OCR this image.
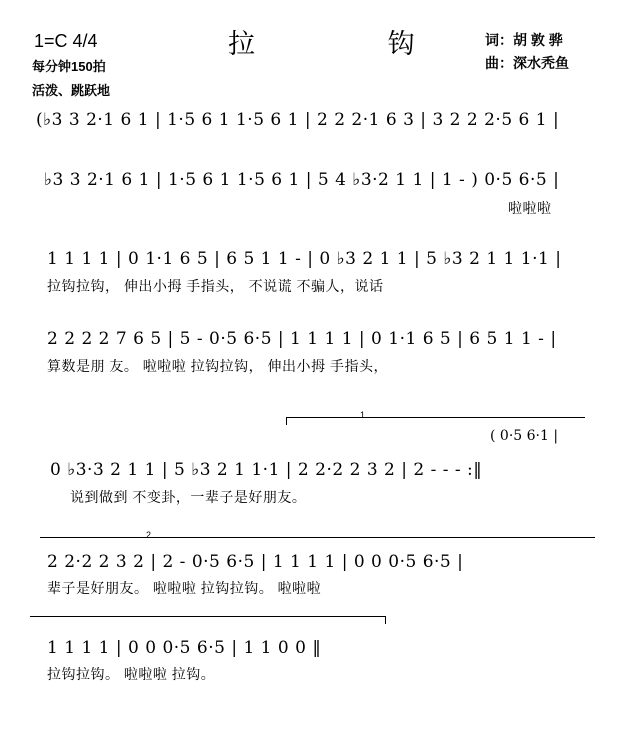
1=C 4/4	拉 钩 词：胡 敦 骅
曲：深水秃鱼
每分钟150拍
活泼、跳跃地
(♭3 3 2·1 6 1 | 1·5 6 1 1·5 6 1 | 2 2 2·1 6 3 | 3 2 2 2·5 6 1 |
♭3 3 2·1 6 1 | 1·5 6 1 1·5 6 1 | 5 4 ♭3·2 1 1 | 1 - ) 0·5 6·5 |
啦啦啦
1 1 1 1 | 0 1·1 6 5 | 6 5 1 1 - | 0 ♭3 2 1 1 | 5 ♭3 2 1 1 1·1 |
拉钩拉钩， 伸出小拇 手指头， 不说谎 不骗人，说话
2 2 2 2 7 6 5 | 5 - 0·5 6·5 | 1 1 1 1 | 0 1·1 6 5 | 6 5 1 1 - |
算数是朋 友。 啦啦啦 拉钩拉钩， 伸出小拇 手指头，
1
( 0·5 6·1 |
0 ♭3·3 2 1 1 | 5 ♭3 2 1 1·1 | 2 2·2 2 3 2 | 2 - - - :‖
说到做到 不变卦，一辈子是好朋友。
2
2 2·2 2 3 2 | 2 - 0·5 6·5 | 1 1 1 1 | 0 0 0·5 6·5 |
辈子是好朋友。 啦啦啦 拉钩拉钩。 啦啦啦
1 1 1 1 | 0 0 0·5 6·5 | 1 1 0 0 ‖
拉钩拉钩。 啦啦啦 拉钩。
